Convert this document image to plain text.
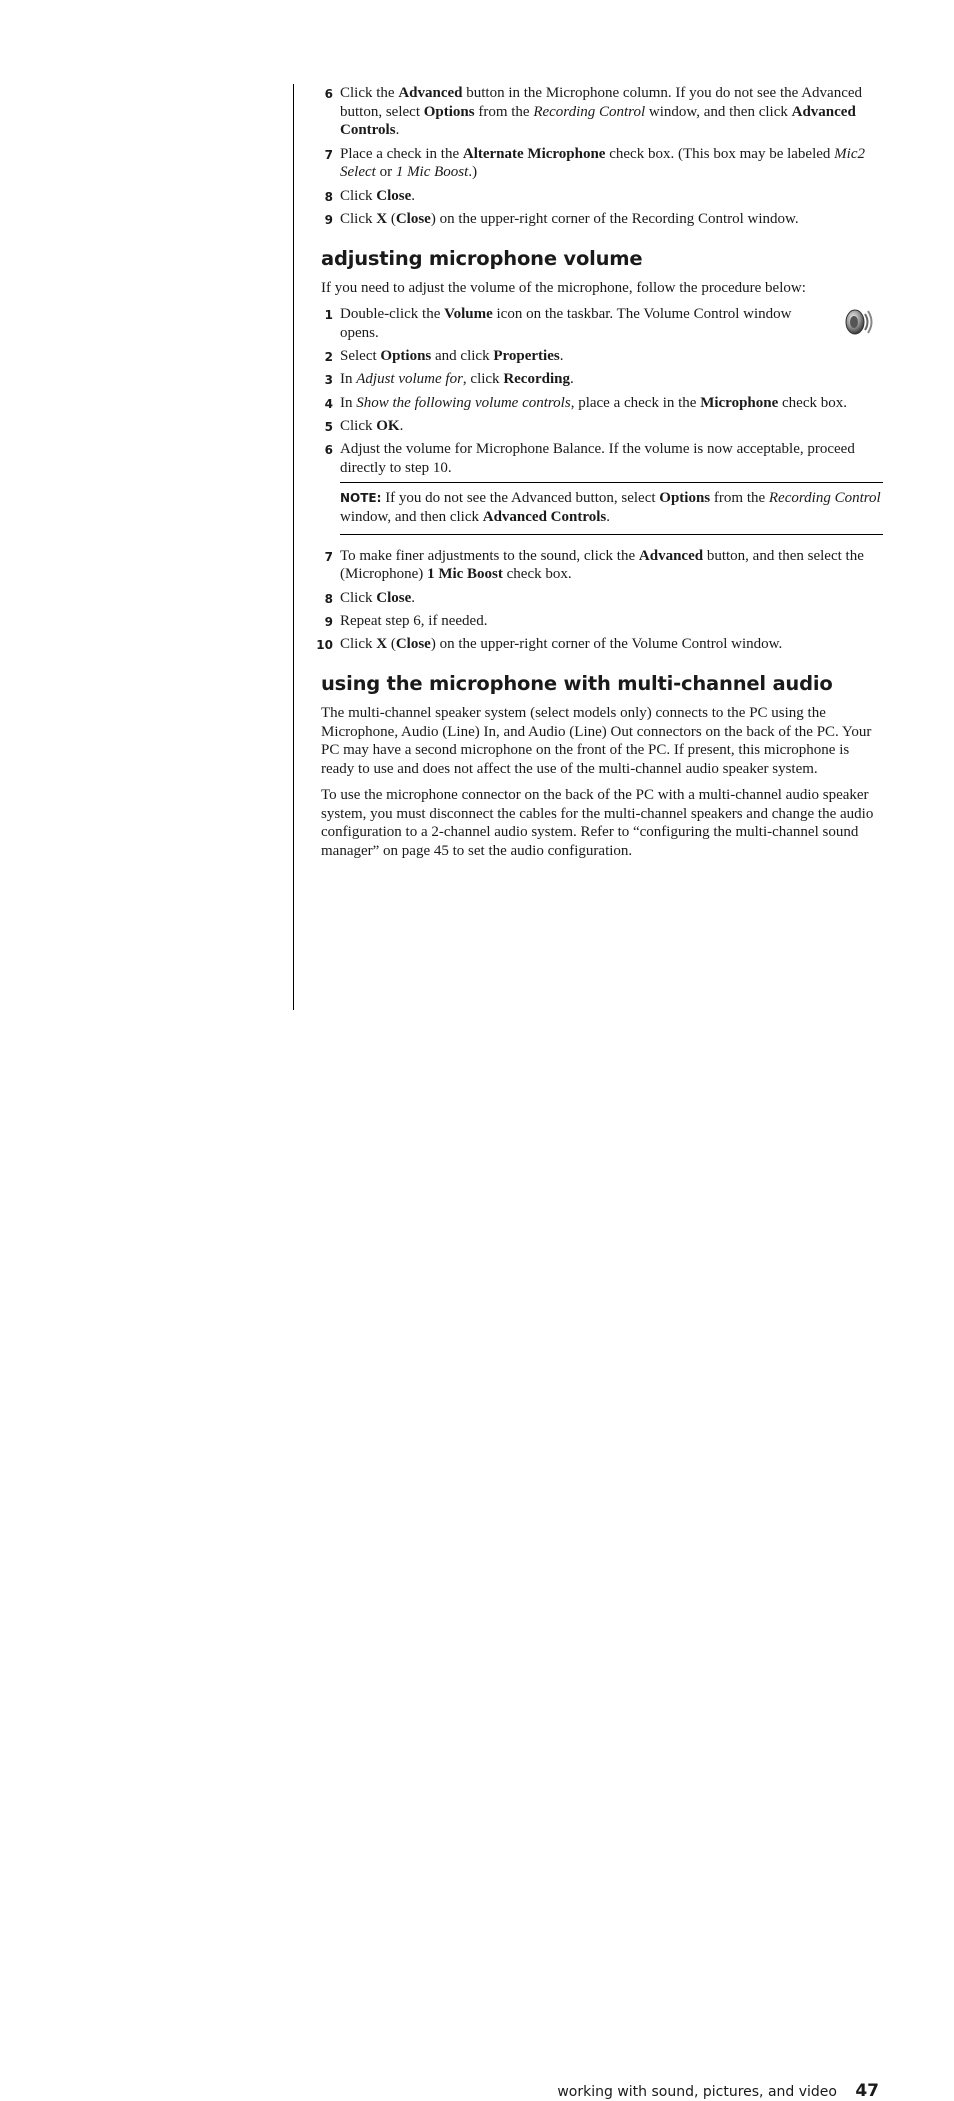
6 Click the Advanced button in the Microphone column. If you do not see the Advanced button, select Options from the Recording Control window, and then click Advanced Controls.
7 Place a check in the Alternate Microphone check box. (This box may be labeled Mic2 Select or 1 Mic Boost.)
8 Click Close.
9 Click X (Close) on the upper-right corner of the Recording Control window.
adjusting microphone volume

If you need to adjust the volume of the microphone, follow the procedure below:

1 Double-click the Volume icon on the taskbar. The Volume Control window opens.
2 Select Options and click Properties.
3 In Adjust volume for, click Recording.
4 In Show the following volume controls, place a check in the Microphone check box.
5 Click OK.
6 Adjust the volume for Microphone Balance. If the volume is now acceptable, proceed directly to step 10.
NOTE: If you do not see the Advanced button, select Options from the Recording Control window, and then click Advanced Controls.
7 To make finer adjustments to the sound, click the Advanced button, and then select the (Microphone) 1 Mic Boost check box.
8 Click Close.
9 Repeat step 6, if needed.
10 Click X (Close) on the upper-right corner of the Volume Control window.
using the microphone with multi-channel audio

The multi-channel speaker system (select models only) connects to the PC using the Microphone, Audio (Line) In, and Audio (Line) Out connectors on the back of the PC. Your PC may have a second microphone on the front of the PC. If present, this microphone is ready to use and does not affect the use of the multi-channel audio speaker system.

To use the microphone connector on the back of the PC with a multi-channel audio speaker system, you must disconnect the cables for the multi-channel speakers and change the audio configuration to a 2-channel audio system. Refer to “configuring the multi-channel sound manager” on page 45 to set the audio configuration.

working with sound, pictures, and video 47
